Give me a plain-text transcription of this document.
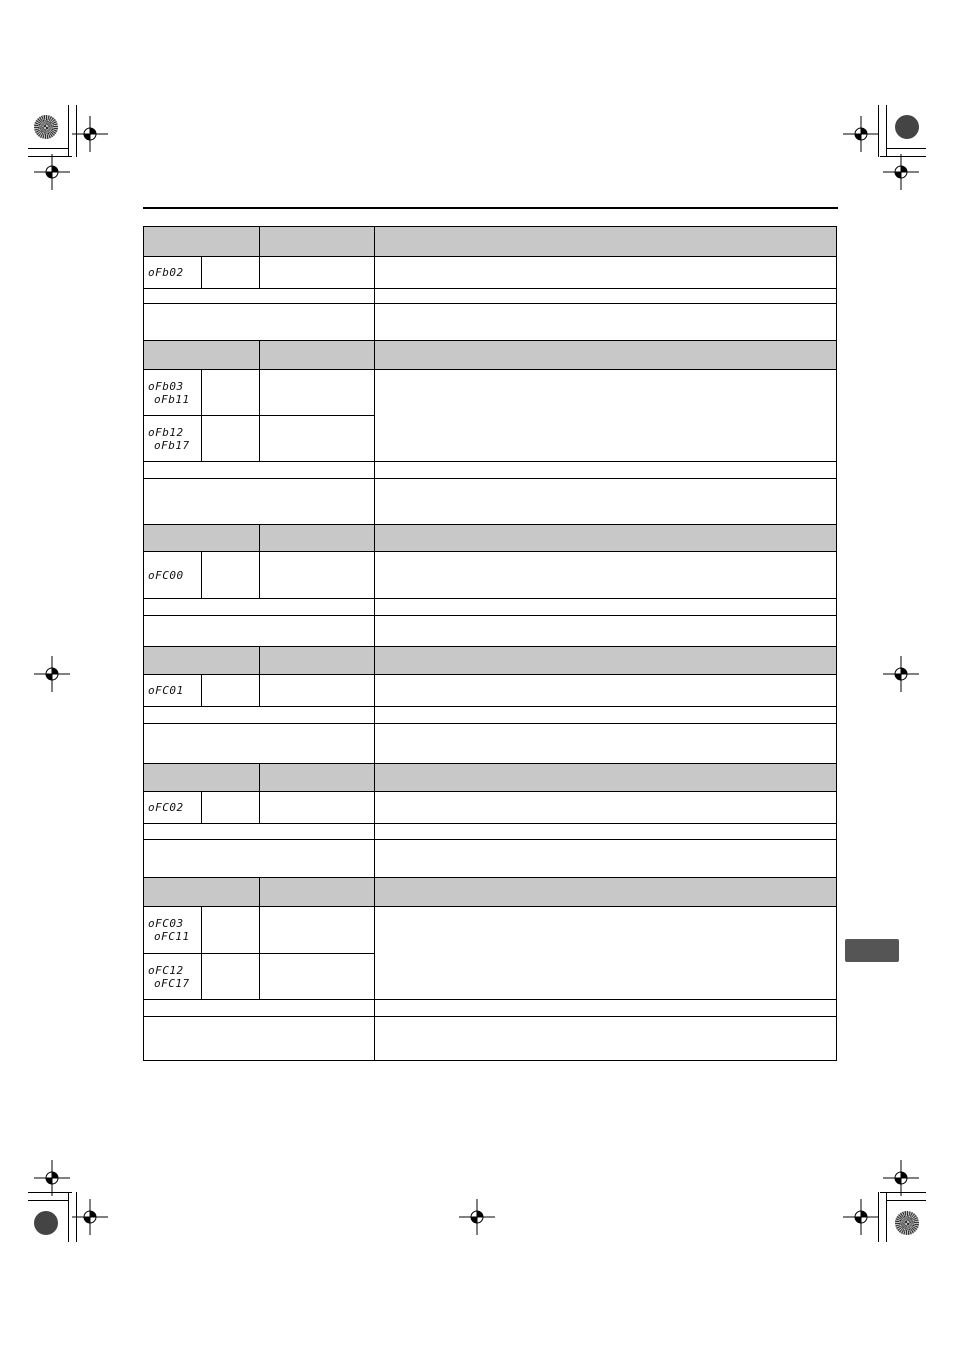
oFb02			

oFb03
oFb11			

oFb12
oFb17			

oFC00			

oFC01			

oFC02			

oFC03
oFC11			

oFC12
oFC17			
